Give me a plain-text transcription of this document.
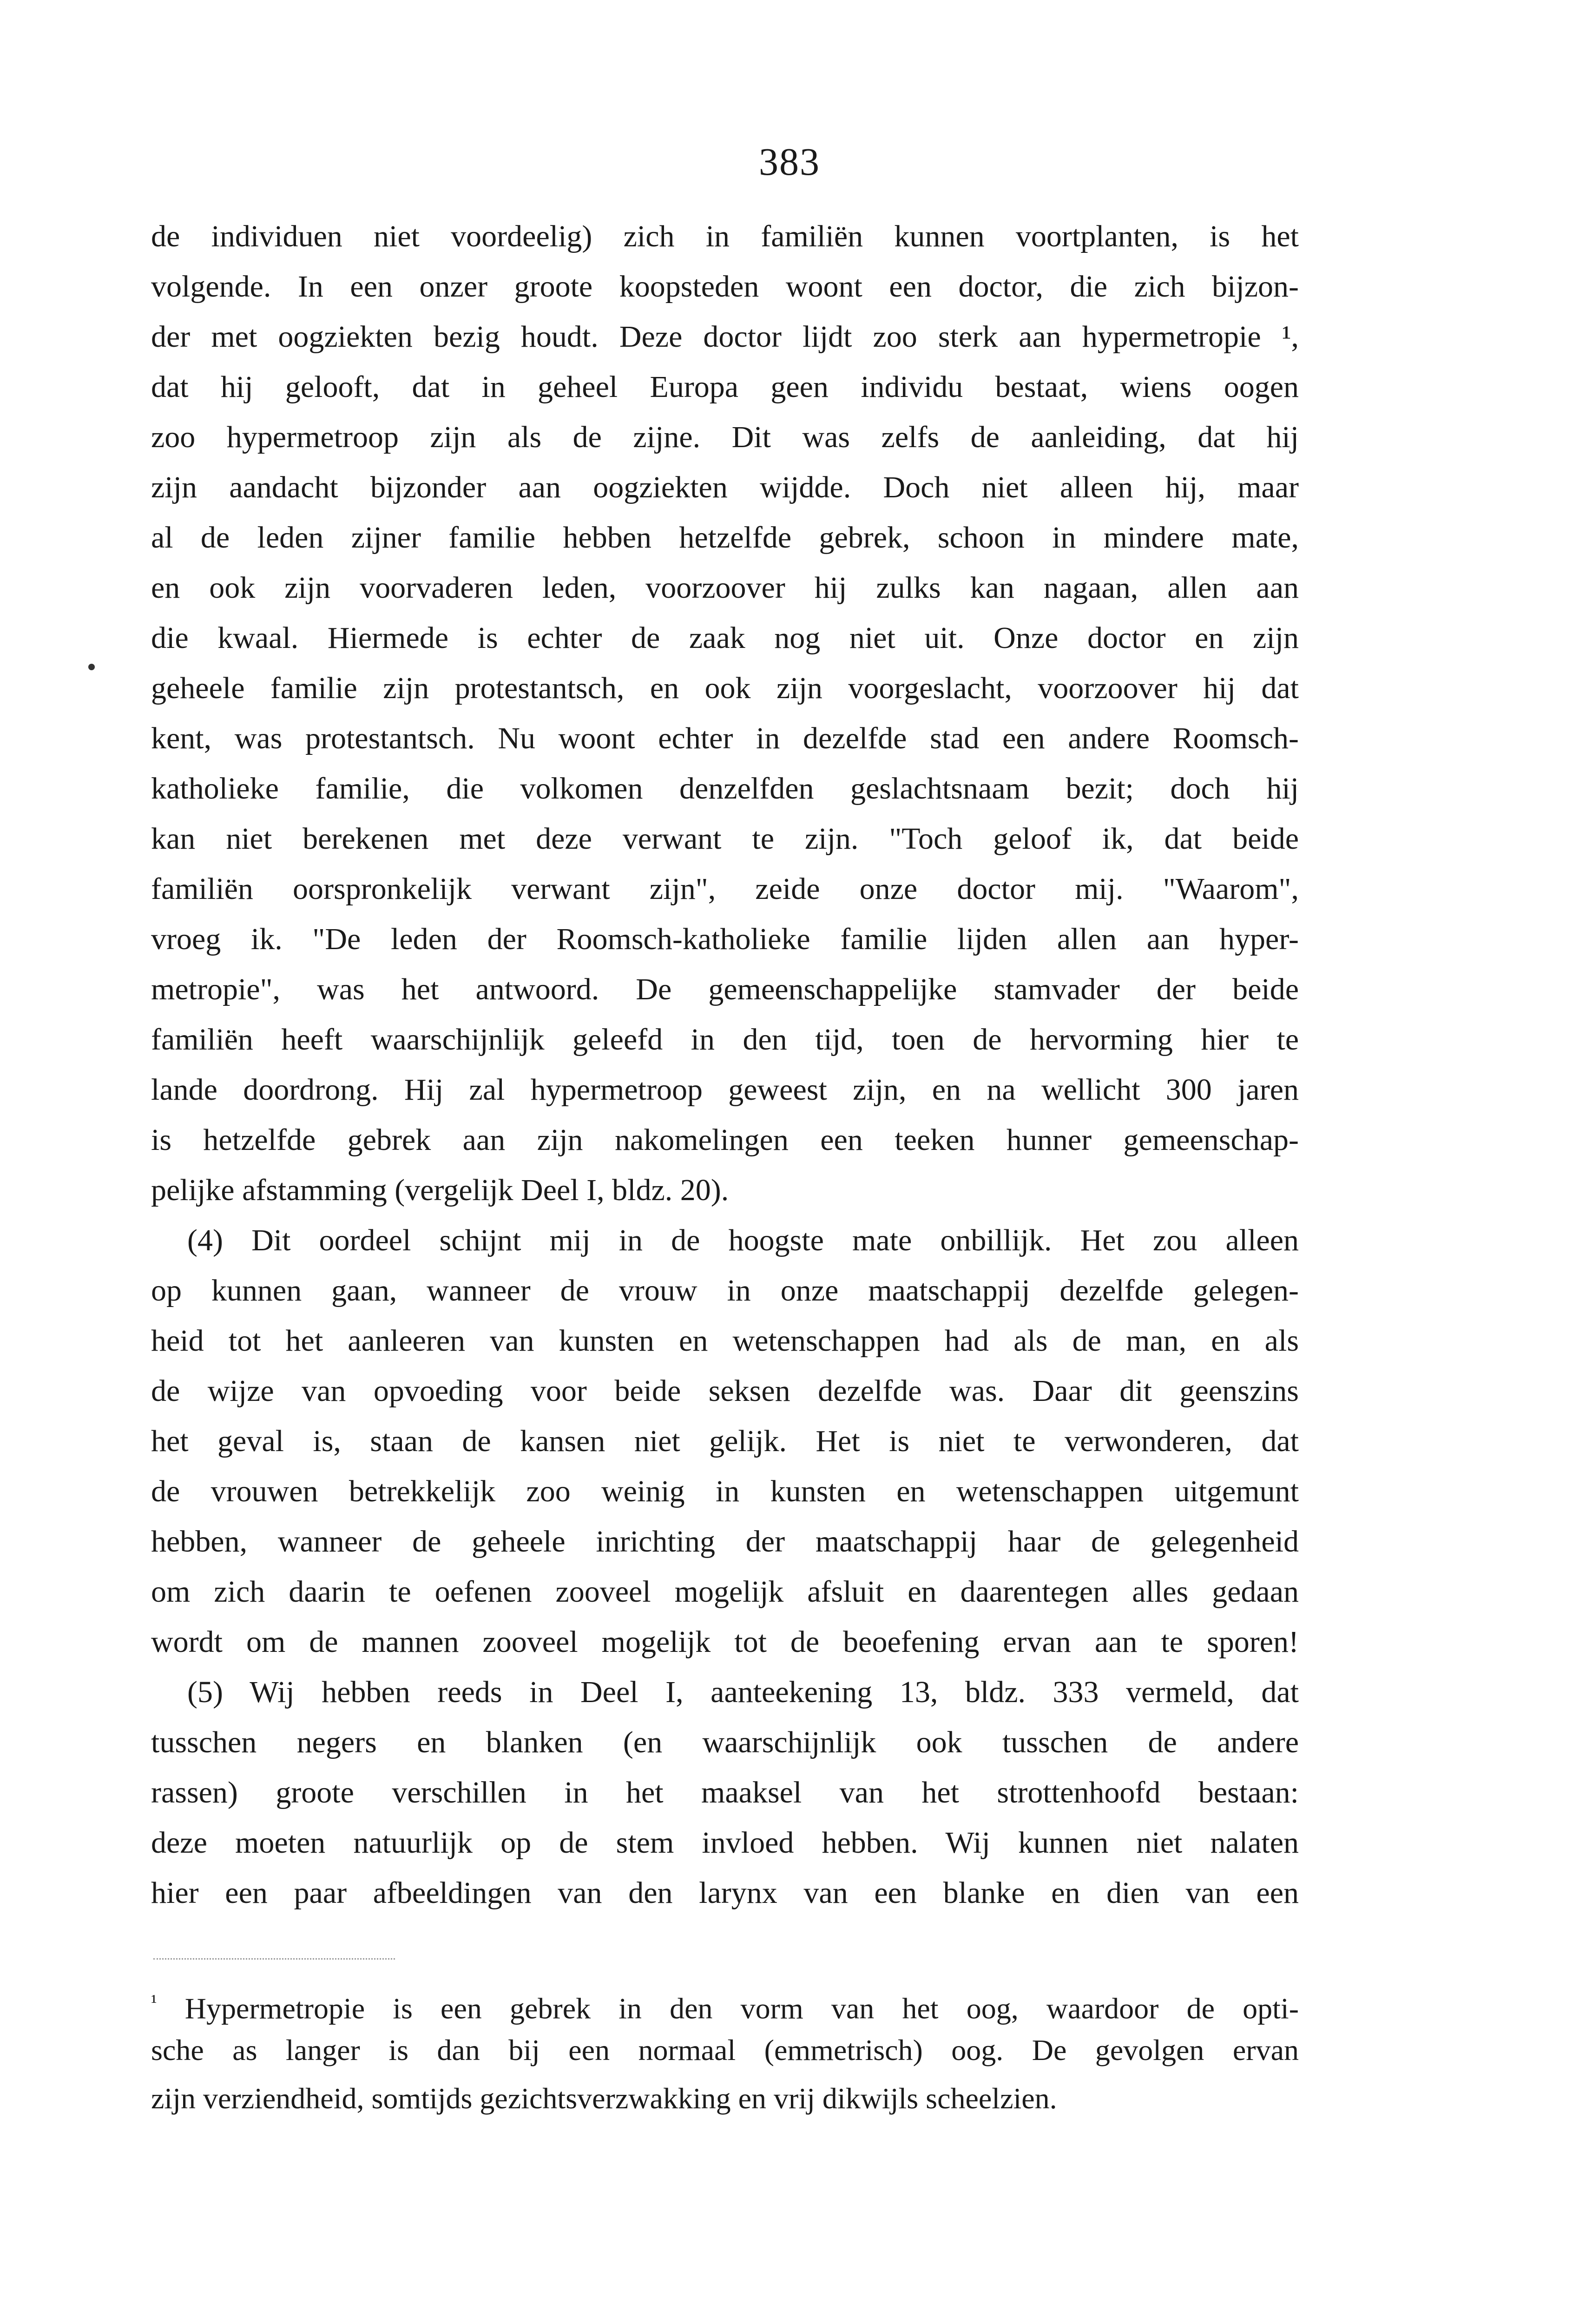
383
de individuen niet voordeelig) zich in familiën kunnen voortplanten, is het
volgende. In een onzer groote koopsteden woont een doctor, die zich bijzon-
der met oogziekten bezig houdt. Deze doctor lijdt zoo sterk aan hypermetropie ¹,
dat hij gelooft, dat in geheel Europa geen individu bestaat, wiens oogen
zoo hypermetroop zijn als de zijne. Dit was zelfs de aanleiding, dat hij
zijn aandacht bijzonder aan oogziekten wijdde. Doch niet alleen hij, maar
al de leden zijner familie hebben hetzelfde gebrek, schoon in mindere mate,
en ook zijn voorvaderen leden, voorzoover hij zulks kan nagaan, allen aan
die kwaal. Hiermede is echter de zaak nog niet uit. Onze doctor en zijn
geheele familie zijn protestantsch, en ook zijn voorgeslacht, voorzoover hij dat
kent, was protestantsch. Nu woont echter in dezelfde stad een andere Roomsch-
katholieke familie, die volkomen denzelfden geslachtsnaam bezit; doch hij
kan niet berekenen met deze verwant te zijn. "Toch geloof ik, dat beide
familiën oorspronkelijk verwant zijn", zeide onze doctor mij. "Waarom",
vroeg ik. "De leden der Roomsch-katholieke familie lijden allen aan hyper-
metropie", was het antwoord. De gemeenschappelijke stamvader der beide
familiën heeft waarschijnlijk geleefd in den tijd, toen de hervorming hier te
lande doordrong. Hij zal hypermetroop geweest zijn, en na wellicht 300 jaren
is hetzelfde gebrek aan zijn nakomelingen een teeken hunner gemeenschap-
pelijke afstamming (vergelijk Deel I, bldz. 20).
(4) Dit oordeel schijnt mij in de hoogste mate onbillijk. Het zou alleen
op kunnen gaan, wanneer de vrouw in onze maatschappij dezelfde gelegen-
heid tot het aanleeren van kunsten en wetenschappen had als de man, en als
de wijze van opvoeding voor beide seksen dezelfde was. Daar dit geenszins
het geval is, staan de kansen niet gelijk. Het is niet te verwonderen, dat
de vrouwen betrekkelijk zoo weinig in kunsten en wetenschappen uitgemunt
hebben, wanneer de geheele inrichting der maatschappij haar de gelegenheid
om zich daarin te oefenen zooveel mogelijk afsluit en daarentegen alles gedaan
wordt om de mannen zooveel mogelijk tot de beoefening ervan aan te sporen!
(5) Wij hebben reeds in Deel I, aanteekening 13, bldz. 333 vermeld, dat
tusschen negers en blanken (en waarschijnlijk ook tusschen de andere
rassen) groote verschillen in het maaksel van het strottenhoofd bestaan:
deze moeten natuurlijk op de stem invloed hebben. Wij kunnen niet nalaten
hier een paar afbeeldingen van den larynx van een blanke en dien van een
$^{^1}$ Hypermetropie is een gebrek in den vorm van het oog, waardoor de opti-
sche as langer is dan bij een normaal (emmetrisch) oog. De gevolgen ervan
zijn verziendheid, somtijds gezichtsverzwakking en vrij dikwijls scheelzien.
